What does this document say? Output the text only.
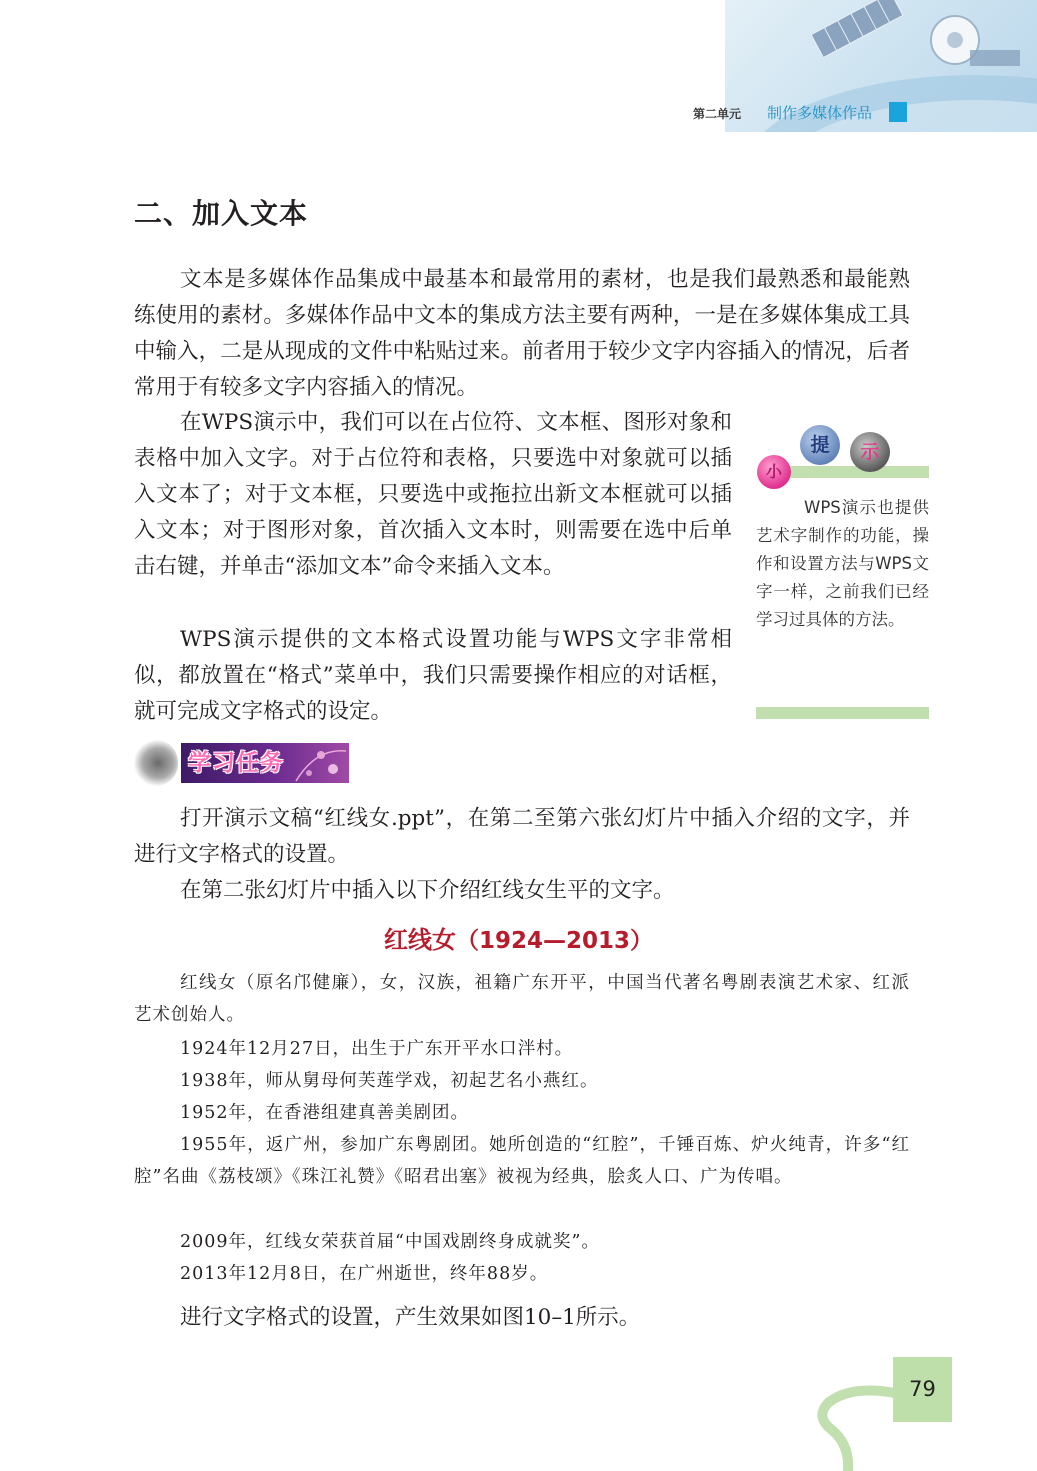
第二单元 制作多媒体作品
二、加入文本

文本是多媒体作品集成中最基本和最常用的素材，也是我们最熟悉和最能熟练使用的素材。多媒体作品中文本的集成方法主要有两种，一是在多媒体集成工具中输入，二是从现成的文件中粘贴过来。前者用于较少文字内容插入的情况，后者常用于有较多文字内容插入的情况。

在WPS演示中，我们可以在占位符、文本框、图形对象和表格中加入文字。对于占位符和表格，只要选中对象就可以插入文本了；对于文本框，只要选中或拖拉出新文本框就可以插入文本；对于图形对象，首次插入文本时，则需要在选中后单击右键，并单击“添加文本”命令来插入文本。

WPS演示提供的文本格式设置功能与WPS文字非常相似，都放置在“格式”菜单中，我们只需要操作相应的对话框，就可完成文字格式的设定。

小
提	示

WPS演示也提供艺术字制作的功能，操作和设置方法与WPS文字一样，之前我们已经学习过具体的方法。

学习任务

打开演示文稿“红线女.ppt”，在第二至第六张幻灯片中插入介绍的文字，并进行文字格式的设置。

在第二张幻灯片中插入以下介绍红线女生平的文字。

红线女（1924—2013）

红线女（原名邝健廉），女，汉族，祖籍广东开平，中国当代著名粤剧表演艺术家、红派艺术创始人。

1924年12月27日，出生于广东开平水口泮村。

1938年，师从舅母何芙莲学戏，初起艺名小燕红。

1952年，在香港组建真善美剧团。

1955年，返广州，参加广东粤剧团。她所创造的“红腔”，千锤百炼、炉火纯青，许多“红腔”名曲《荔枝颂》《珠江礼赞》《昭君出塞》被视为经典，脍炙人口、广为传唱。

2009年，红线女荣获首届“中国戏剧终身成就奖”。

2013年12月8日，在广州逝世，终年88岁。

进行文字格式的设置，产生效果如图10–1所示。

79
